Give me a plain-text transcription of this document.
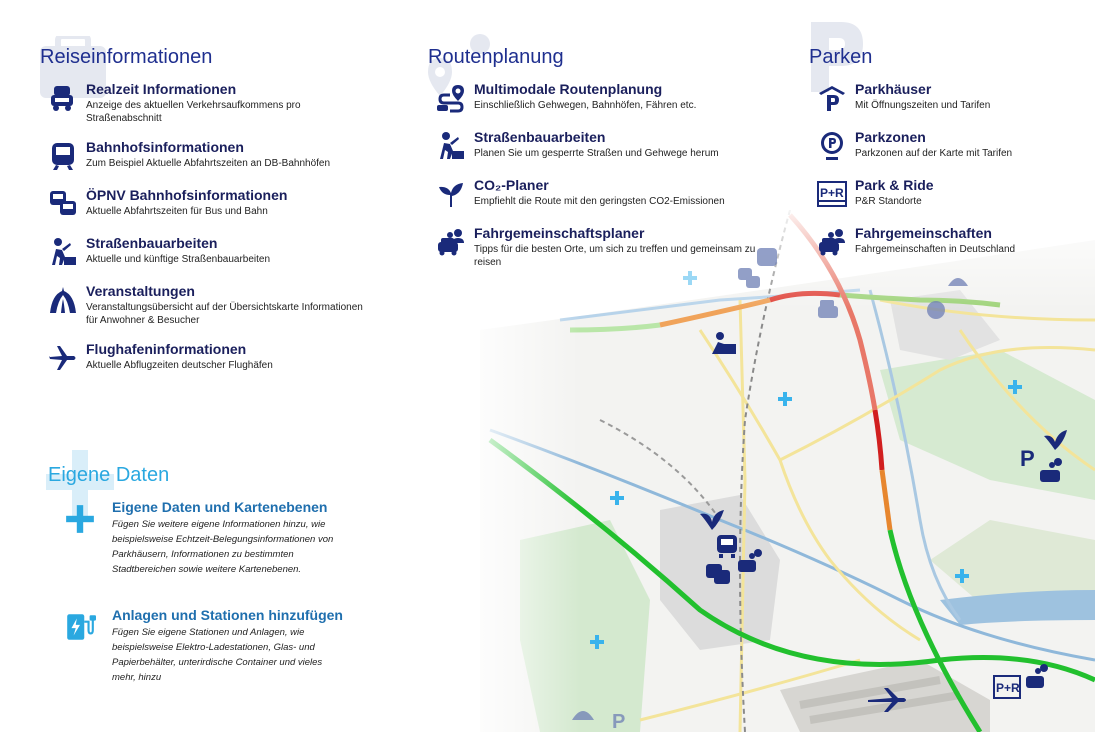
P
P+R
P
Reiseinformationen
Realzeit Informationen

Anzeige des aktuellen Verkehrsaufkommens pro Straßenabschnitt

Bahnhofsinformationen

Zum Beispiel Aktuelle Abfahrtszeiten an DB-Bahnhöfen

ÖPNV Bahnhofsinformationen

Aktuelle Abfahrtszeiten für Bus und Bahn

Straßenbauarbeiten

Aktuelle und künftige Straßenbauarbeiten

Veranstaltungen

Veranstaltungsübersicht auf der Übersichtskarte Informationen für Anwohner & Besucher

Flughafeninformationen

Aktuelle Abflugzeiten deutscher Flughäfen

Routenplanung
Multimodale Routenplanung

Einschließlich Gehwegen, Bahnhöfen, Fähren etc.

Straßenbauarbeiten

Planen Sie um gesperrte Straßen und Gehwege herum

CO₂-Planer

Empfiehlt die Route mit den geringsten CO2-Emissionen

Fahrgemeinschaftsplaner

Tipps für die besten Orte, um sich zu treffen und gemeinsam zu reisen

Parken
Parkhäuser

Mit Öffnungszeiten und Tarifen

Parkzonen

Parkzonen auf der Karte mit Tarifen

P+R Park & Ride

P&R Standorte

Fahrgemeinschaften

Fahrgemeinschaften in Deutschland

Eigene Daten
Eigene Daten und Kartenebenen

Fügen Sie weitere eigene Informationen hinzu, wie beispielsweise Echtzeit-Belegungsinformationen von Parkhäusern, Informationen zu bestimmten Stadtbereichen sowie weitere Kartenebenen.

Anlagen und Stationen hinzufügen

Fügen Sie eigene Stationen und Anlagen, wie beispielsweise Elektro-Ladestationen, Glas- und Papierbehälter, unterirdische Container und vieles mehr, hinzu
